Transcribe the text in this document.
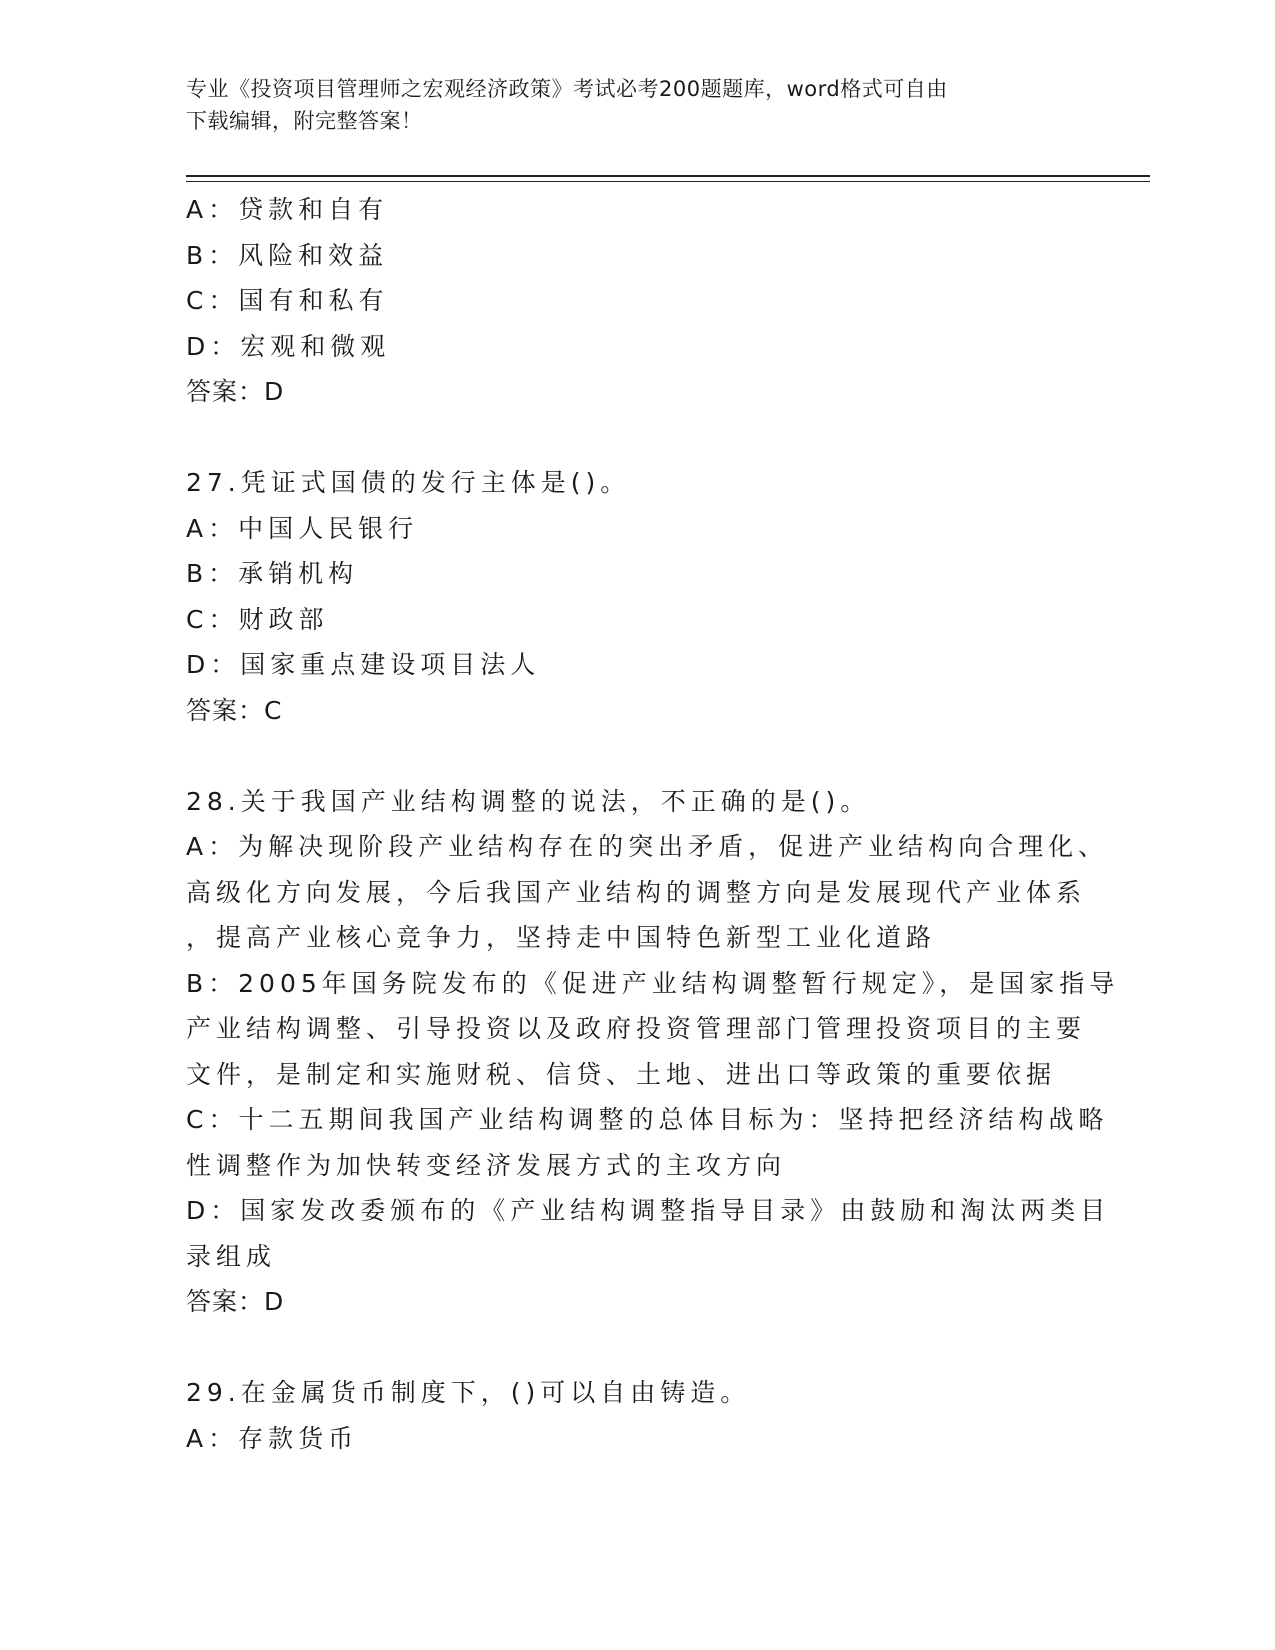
专业《投资项目管理师之宏观经济政策》考试必考200题题库，word格式可自由
下载编辑，附完整答案！
A：贷款和自有
B：风险和效益
C：国有和私有
D：宏观和微观
答案：D
27.凭证式国债的发行主体是()。
A：中国人民银行
B：承销机构
C：财政部
D：国家重点建设项目法人
答案：C
28.关于我国产业结构调整的说法，不正确的是()。
A：为解决现阶段产业结构存在的突出矛盾，促进产业结构向合理化、
高级化方向发展，今后我国产业结构的调整方向是发展现代产业体系
，提高产业核心竞争力，坚持走中国特色新型工业化道路
B：2005年国务院发布的《促进产业结构调整暂行规定》，是国家指导
产业结构调整、引导投资以及政府投资管理部门管理投资项目的主要
文件，是制定和实施财税、信贷、土地、进出口等政策的重要依据
C：十二五期间我国产业结构调整的总体目标为：坚持把经济结构战略
性调整作为加快转变经济发展方式的主攻方向
D：国家发改委颁布的《产业结构调整指导目录》由鼓励和淘汰两类目
录组成
答案：D
29.在金属货币制度下，()可以自由铸造。
A：存款货币
